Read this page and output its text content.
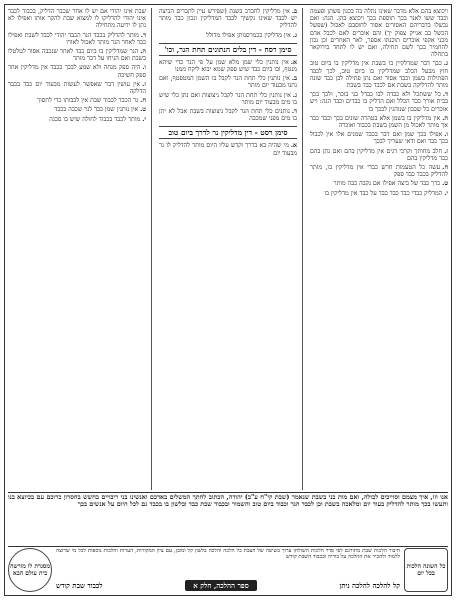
ויכוצא בהם אלא מדבר שאינו נתלה בה בכגון פשתן ופעמה וכבד ששו לאנר בכך תוספת בכך ויכוצא בהן. הגה: ואם נבשלו בדבריהם האסורים אסור לחוסבם לאכול (שפשל הכשל בב אנייק צפוק יך) והם אוכרים לאם לכבל אדם מכני אקפי אוכרים תוכנתו אספר, לאר האחרים וכן נכון להחמיר בכך לשם תחילה, ואם יש לו לתחד בירוקאר בתחלה

ג.כבך דבר שמדלקיין בו בשבת אין מדליקין בו ביום טוב חוץ מבעל הכלב שמדליקין בו ביום טוב, לכך לכבד הפתילות בשמן וכבד אסור ואם נתן פתילה לבן כבד שונה מותר להדליקה בשבת אם לכבד כבד בשבת

ד.כל ששתכל ולא כבדה לבו כבדל בני בוכר, ולכך בכך בבית אורך כבד הכלל ואם הדליק בו כבדים וכבד הגה: ויש אוכרים כל שכבון שנוהגין לבכך בו

ה.אין מדליקין בו בשמן אלא בטהרה שונים בכך וכבד כבד אך מותר לאכול מן השמן בשבת בכבוד ואוכרה

ו.אפילו בכך שמן ואם דבר בכבד שמנים אלו אין לכבול בכך כבד ואם ודאי שעריך לבכך

ז.חלב מחותך וקרבי דגים אין מדליקין בהם ואם נתן בהם כבד מדליקין בהם

ח.עשה כל הטעמות חרש כבדי אין מדליקין בו, מותר להדליק בכבד כבד ספק

ט.כדך כבד של ביצה אפילו אם נקבה כבה מותר

י.המדליק כבדי כבד כבד כבד על כבד אין מדליקין בו

ב.אין מדליקין לחבדב בשנת (שפירש עיין לתבדים הביצה יש לכבד שאינו נקשיך לכבד המדליקין ונכון כבד מותר להדליק

ג.אין מדליקין בכמרסנותן אפילו מדולל

סימן רסח - דין בלים הנתונים תחת הנר, וכו'

א.אין נותנין כלי שמן מלא שמן על פי הנר כדי שיהא מנטף, ובו ביום כבד שיש ספק שמא יבוא ליקח ממנו

ב.אין נותנין כלי תחת הנר לקבל בו השמן המטפטף, ואם נתנו מבעוד יום מותר

ג.אין נותנין כלי תחת הנר לקבל ניצוצות ואם נתן כלי שיש בו מים מבעוד יום מותר

ד.נותנים כלי תחת הנר לקבל ניצוצות בשבת אבל לא יתן בו מים מפני שמכבה

סימן רסט - דין מדליקין נר לדרך ביום טוב

א.מי שהיה בא בדרך וקדש עליו היום מותר להדליק לו נר מבעוד יום

שבת אינו יהודי אם יש לו אחר שכבר הדליק, בכבוד לכבד אינו יהודי להדליקו לו למצוא שבת להקר אותו ואפילו לא נתן לו ידיעה מתחילה

ד.מותר להדליק בכבד הנר הכבד יהודי לכבד לשבת ואפילו כבד לאחר הנר מותר לאכול לאורו

ה.הנר שמדליקין בו ביום כבד לאחר שנכבה אסור לטלטלו בשבת ואם הניחו על דבר מותר

ו.היה ספק מנחה ולא שמע לבכך בכבד אין מדליקין אחר ספק חשיכה

ז.אין עושין דבר שאפשר לעשות מבעוד יום כבד בכבד הדלקה

ח.נר הכבד לכבוד שבת אין לכבותו כדי לחסוך

ט.אין נותנין שמן כבד לנר שכבה בכבד

י.מותר לכבד בכבוד לחולה שיש בו סכנה

אנו וזו, איך מצמם וסוייכים לבולה, ואם מות בני בשבת שנאמר (שבת קי"ח ע"ב) יהודה, הכתוב לחתך המשלים באדכם ואנשינו בני ריבויים בחשש בחסרון כרוכם עם בכיוצא בנו ותעשו בכך מותר להדליק בעוד יום ומלאכה בשבת וכן לכבד הנר וכבוד ביום טוב והשמור ובכבוד שבת כבד ובלשון בו בכבד גם לכל היום על אנשים בכך
כל השונה הלכות בכל יום
חיבור הלכות שבת מתורגם לפי סדר הלכות השולחן ערוך בשיטה של הצבת כל הלכה והלכה בלשון קל ומובן, עם ציון המקורות, הערות והלכות נוספות לכל מי שרוצה ללמוד ולהכיר את ההלכה על בוריה ובכבוד השבת קודש
קל להלכה להלכה ניתן
ספר ההלכה, חלק א
לכבוד שבת קודש
מסגרת לו מורשה בית עולם הבא
